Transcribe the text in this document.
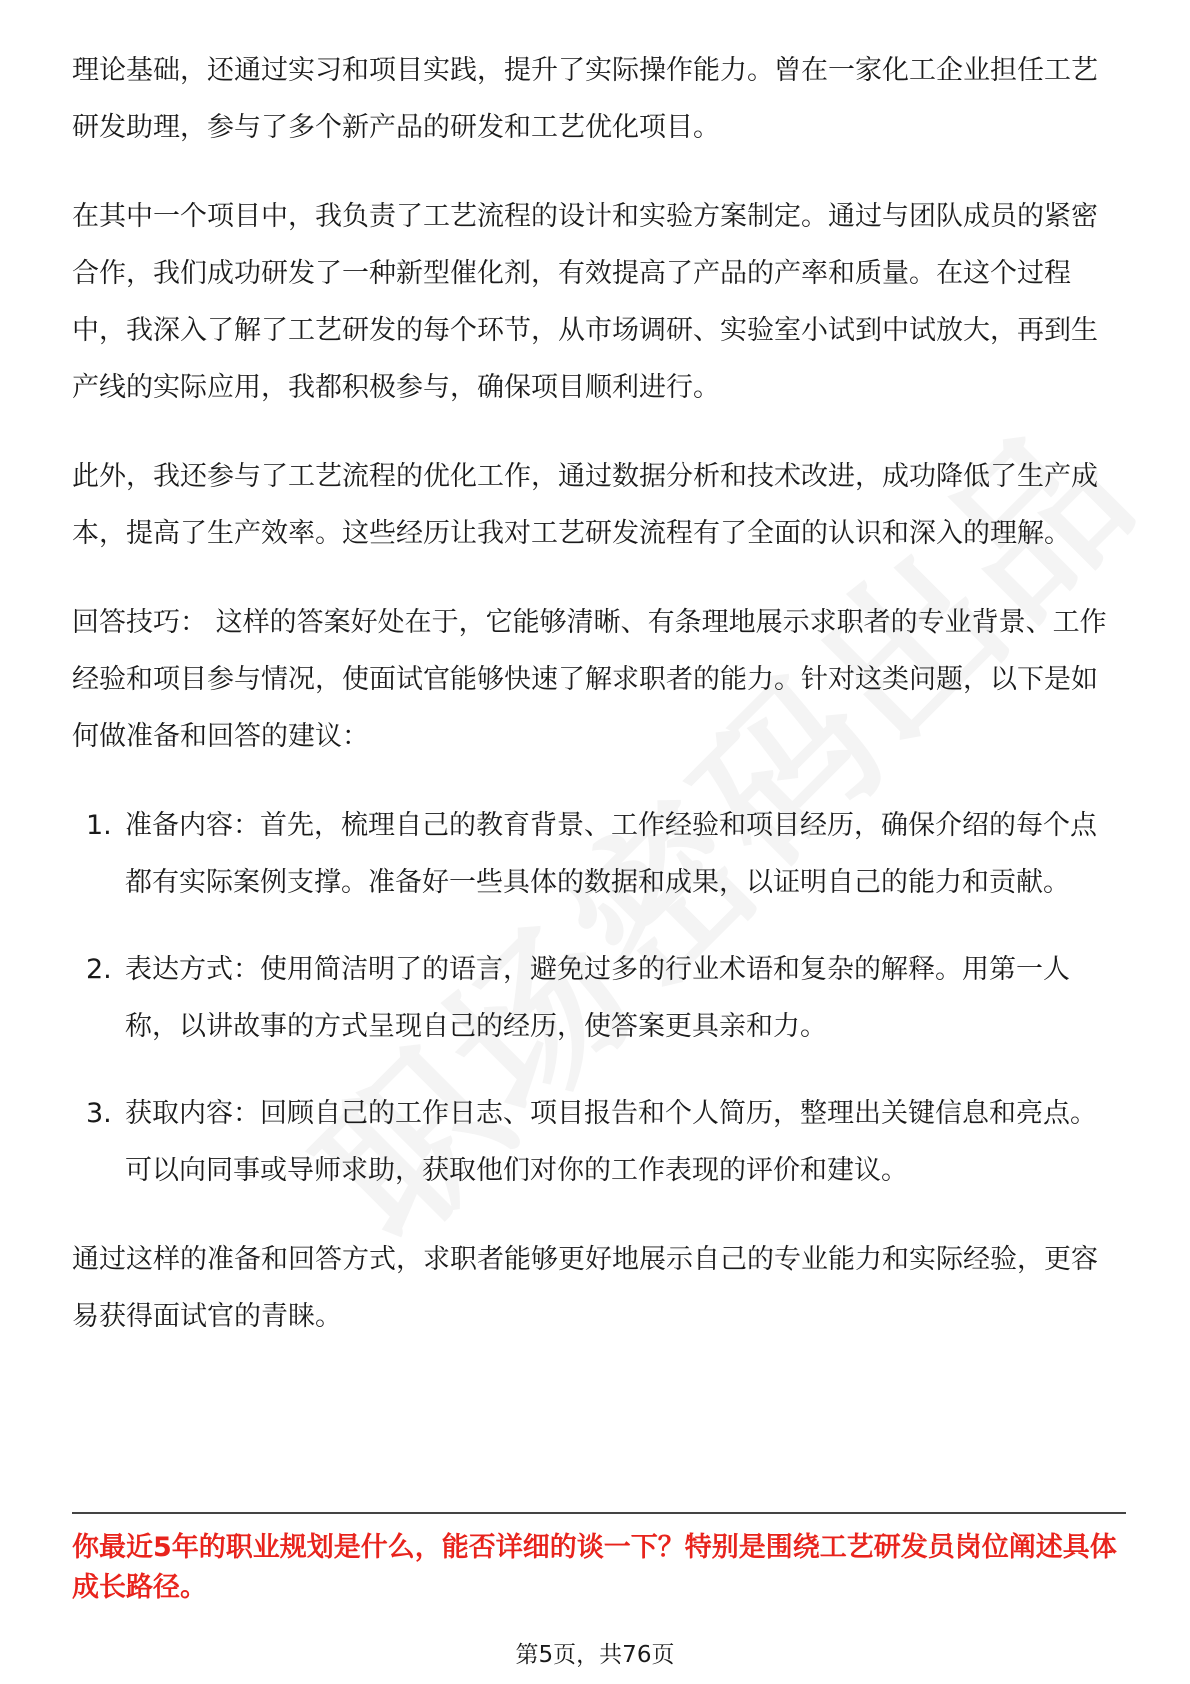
理论基础，还通过实习和项目实践，提升了实际操作能力。曾在一家化工企业担任工艺研发助理，参与了多个新产品的研发和工艺优化项目。

在其中一个项目中，我负责了工艺流程的设计和实验方案制定。通过与团队成员的紧密合作，我们成功研发了一种新型催化剂，有效提高了产品的产率和质量。在这个过程中，我深入了解了工艺研发的每个环节，从市场调研、实验室小试到中试放大，再到生产线的实际应用，我都积极参与，确保项目顺利进行。

此外，我还参与了工艺流程的优化工作，通过数据分析和技术改进，成功降低了生产成本，提高了生产效率。这些经历让我对工艺研发流程有了全面的认识和深入的理解。

回答技巧： 这样的答案好处在于，它能够清晰、有条理地展示求职者的专业背景、工作经验和项目参与情况，使面试官能够快速了解求职者的能力。针对这类问题，以下是如何做准备和回答的建议：

1. 准备内容：首先，梳理自己的教育背景、工作经验和项目经历，确保介绍的每个点都有实际案例支撑。准备好一些具体的数据和成果，以证明自己的能力和贡献。
2. 表达方式：使用简洁明了的语言，避免过多的行业术语和复杂的解释。用第一人称，以讲故事的方式呈现自己的经历，使答案更具亲和力。
3. 获取内容：回顾自己的工作日志、项目报告和个人简历，整理出关键信息和亮点。可以向同事或导师求助，获取他们对你的工作表现的评价和建议。

通过这样的准备和回答方式，求职者能够更好地展示自己的专业能力和实际经验，更容易获得面试官的青睐。

你最近5年的职业规划是什么，能否详细的谈一下？特别是围绕工艺研发员岗位阐述具体成长路径。

第5页，共76页
